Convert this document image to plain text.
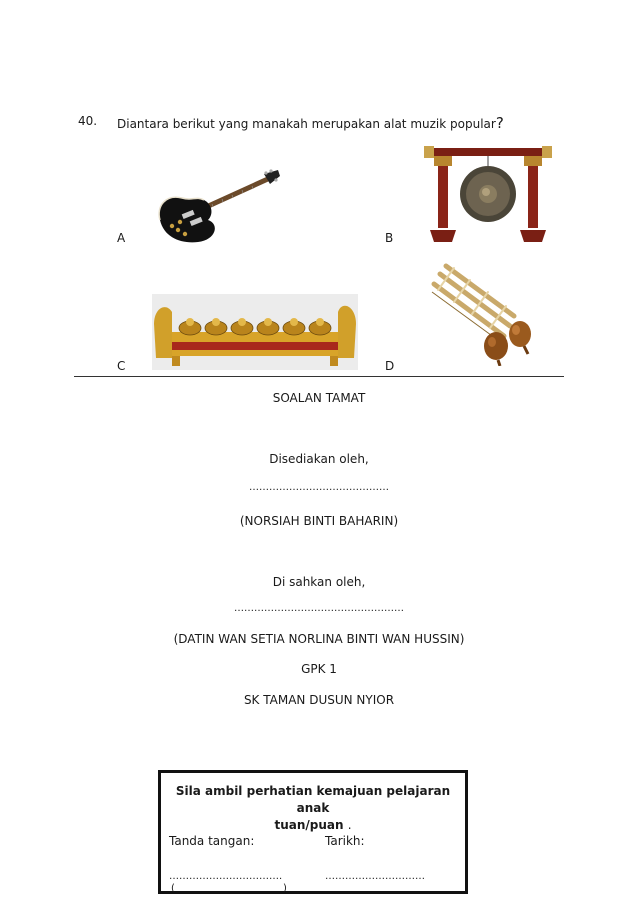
40. Diantara berikut yang manakah merupakan alat muzik popular?
A	B
C	D
SOALAN TAMAT
Disediakan oleh,
……………………………………
(NORSIAH BINTI BAHARIN)
Di sahkan oleh,
……………………………………………
(DATIN WAN SETIA NORLINA BINTI WAN HUSSIN)
GPK 1
SK TAMAN DUSUN NYIOR
Sila ambil perhatian kemajuan pelajaran anak
tuan/puan .
Tanda tangan:	Tarikh:
…………………………….	…………………………
(	)
